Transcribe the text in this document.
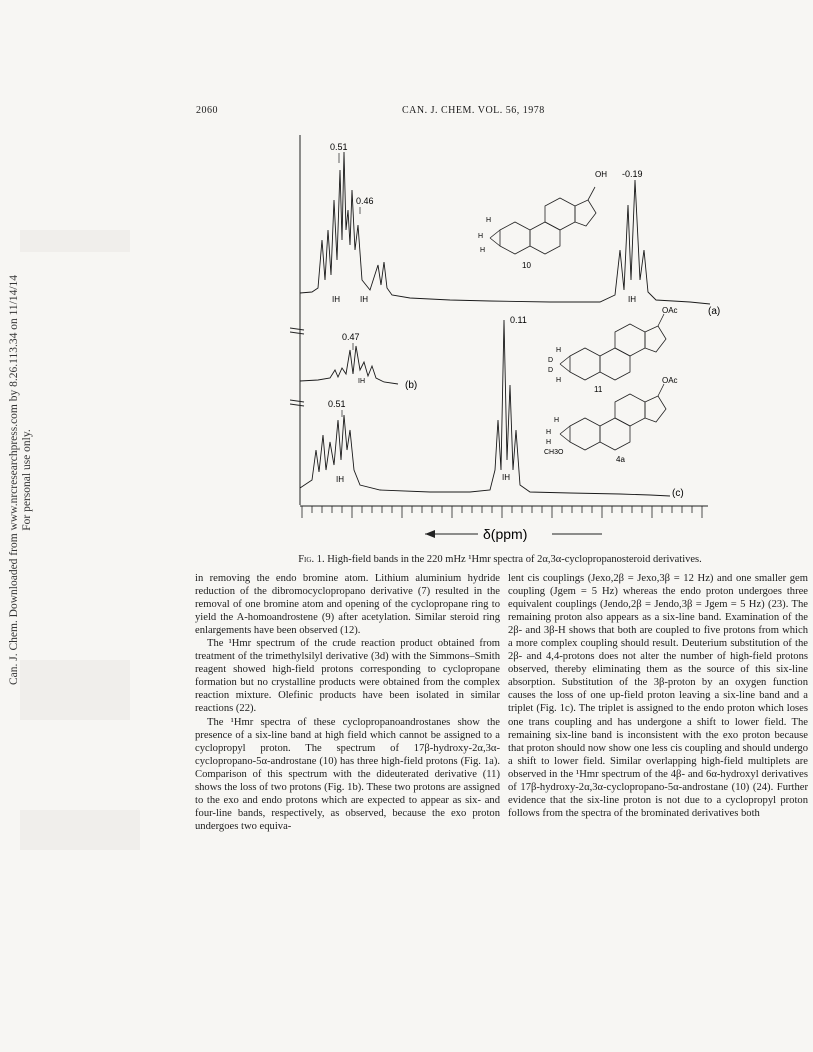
Can. J. Chem. Downloaded from www.nrcresearchpress.com by 8.26.113.34 on 11/14/14 For personal use only.
2060	CAN. J. CHEM. VOL. 56, 1978
0.51
0.46
OH -0.19
IH	IH	IH
(a)
H
H
H
10
0.47
IH	(b)
H
D
D
H
OAc
11
0.51
0.11
IH	IH
(c)
H
H
H
CH3O
OAc
4a
δ(ppm)
Fig. 1. High-field bands in the 220 mHz ¹Hmr spectra of 2α,3α-cyclopropanosteroid derivatives.

in removing the endo bromine atom. Lithium aluminium hydride reduction of the dibromocyclopropano derivative (7) resulted in the removal of one bromine atom and opening of the cyclopropane ring to yield the A-homoandrostene (9) after acetylation. Similar steroid ring enlargements have been observed (12).

The ¹Hmr spectrum of the crude reaction product obtained from treatment of the trimethylsilyl derivative (3d) with the Simmons–Smith reagent showed high-field protons corresponding to cyclopropane formation but no crystalline products were obtained from the complex reaction mixture. Olefinic products have been isolated in similar reactions (22).

The ¹Hmr spectra of these cyclopropanoandrostanes show the presence of a six-line band at high field which cannot be assigned to a cyclopropyl proton. The spectrum of 17β-hydroxy-2α,3α-cyclopropano-5α-androstane (10) has three high-field protons (Fig. 1a). Comparison of this spectrum with the dideuterated derivative (11) shows the loss of two protons (Fig. 1b). These two protons are assigned to the exo and endo protons which are expected to appear as six- and four-line bands, respectively, as observed, because the exo proton undergoes two equiva-

lent cis couplings (Jexo,2β = Jexo,3β = 12 Hz) and one smaller gem coupling (Jgem = 5 Hz) whereas the endo proton undergoes three equivalent couplings (Jendo,2β = Jendo,3β = Jgem = 5 Hz) (23). The remaining proton also appears as a six-line band. Examination of the 2β- and 3β-H shows that both are coupled to five protons from which a more complex coupling should result. Deuterium substitution of the 2β- and 4,4-protons does not alter the number of high-field protons observed, thereby eliminating them as the source of this six-line absorption. Substitution of the 3β-proton by an oxygen function causes the loss of one up-field proton leaving a six-line band and a triplet (Fig. 1c). The triplet is assigned to the endo proton which loses one trans coupling and has undergone a shift to lower field. The remaining six-line band is inconsistent with the exo proton because that proton should now show one less cis coupling and should undergo a shift to lower field. Similar overlapping high-field multiplets are observed in the ¹Hmr spectrum of the 4β- and 6α-hydroxyl derivatives of 17β-hydroxy-2α,3α-cyclopropano-5α-androstane (10) (24). Further evidence that the six-line proton is not due to a cyclopropyl proton follows from the spectra of the brominated derivatives both
